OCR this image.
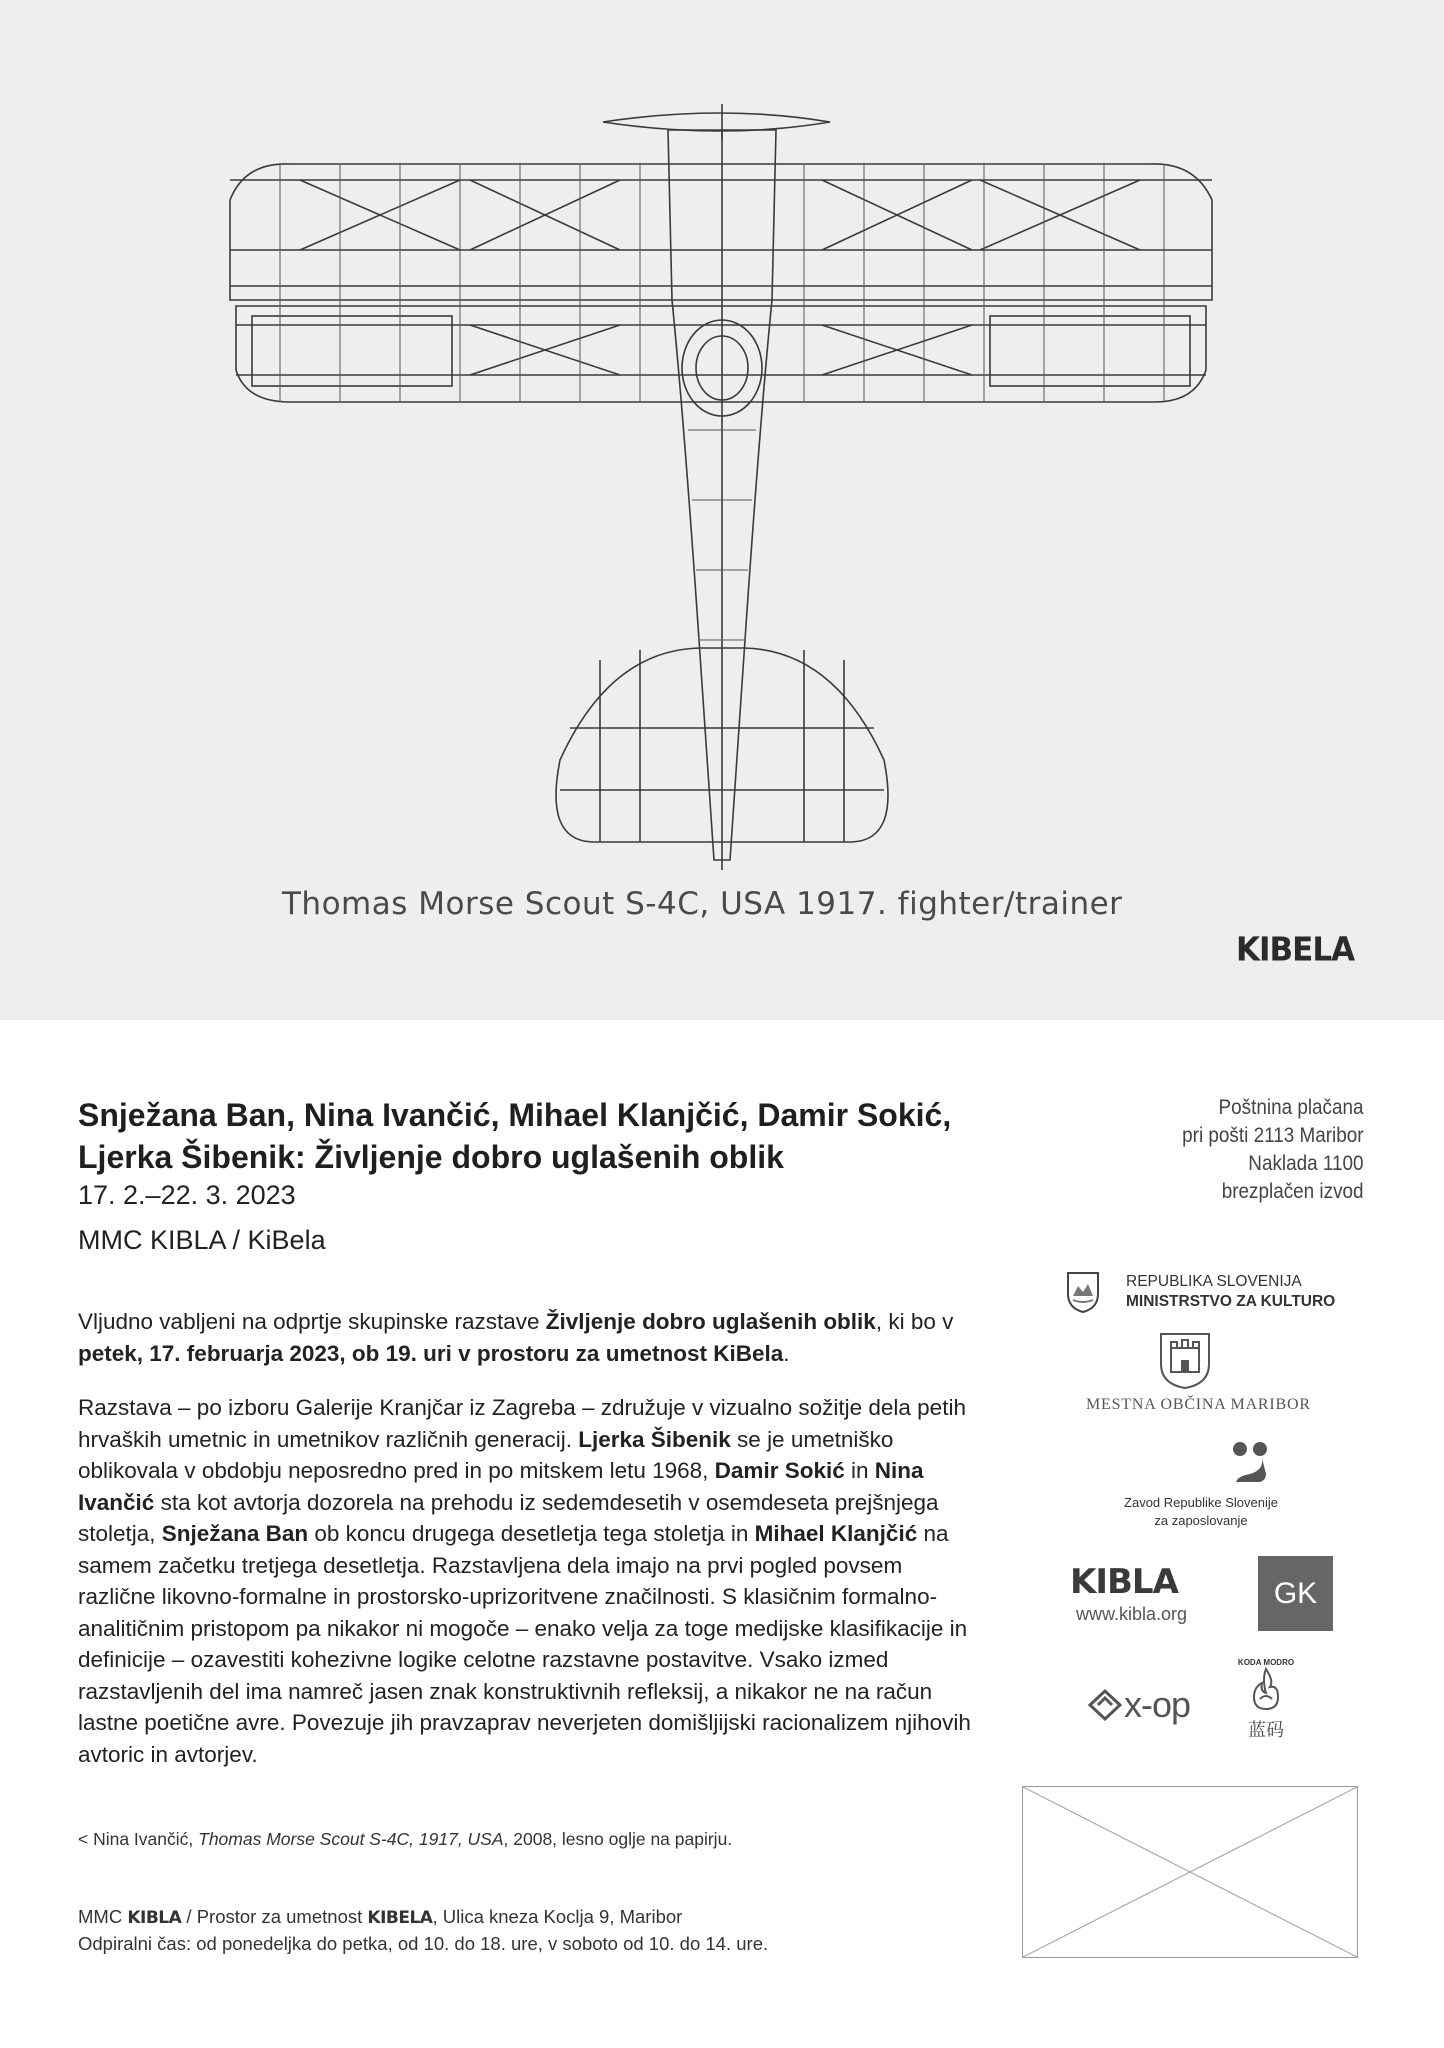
Thomas Morse Scout S-4C, USA 1917. fighter/trainer
KIBELA
Snježana Ban, Nina Ivančić, Mihael Klanjčić, Damir Sokić, Ljerka Šibenik: Življenje dobro uglašenih oblik
17. 2.–22. 3. 2023
MMC KIBLA / KiBela
Poštnina plačana
pri pošti 2113 Maribor
Naklada 1100
brezplačen izvod
Vljudno vabljeni na odprtje skupinske razstave Življenje dobro uglašenih oblik, ki bo v petek, 17. februarja 2023, ob 19. uri v prostoru za umetnost KiBela.
Razstava – po izboru Galerije Kranjčar iz Zagreba – združuje v vizualno sožitje dela petih hrvaških umetnic in umetnikov različnih generacij. Ljerka Šibenik se je umetniško oblikovala v obdobju neposredno pred in po mitskem letu 1968, Damir Sokić in Nina Ivančić sta kot avtorja dozorela na prehodu iz sedemdesetih v osemdeseta prejšnjega stoletja, Snježana Ban ob koncu drugega desetletja tega stoletja in Mihael Klanjčić na samem začetku tretjega desetletja. Razstavljena dela imajo na prvi pogled povsem različne likovno-formalne in prostorsko-uprizoritvene značilnosti. S klasičnim formalno-analitičnim pristopom pa nikakor ni mogoče – enako velja za toge medijske klasifikacije in definicije – ozavestiti kohezivne logike celotne razstavne postavitve. Vsako izmed razstavljenih del ima namreč jasen znak konstruktivnih refleksij, a nikakor ne na račun lastne poetične avre. Povezuje jih pravzaprav neverjeten domišljijski racionalizem njihovih avtoric in avtorjev.
< Nina Ivančić, Thomas Morse Scout S-4C, 1917, USA, 2008, lesno oglje na papirju.
MMC KIBLA / Prostor za umetnost KIBELA, Ulica kneza Koclja 9, Maribor
Odpiralni čas: od ponedeljka do petka, od 10. do 18. ure, v soboto od 10. do 14. ure.
REPUBLIKA SLOVENIJA
MINISTRSTVO ZA KULTURO
MESTNA OBČINA MARIBOR
Zavod Republike Slovenije
za zaposlovanje
KIBLA
www.kibla.org
GK
x-op
KODA MODRO
蓝码
